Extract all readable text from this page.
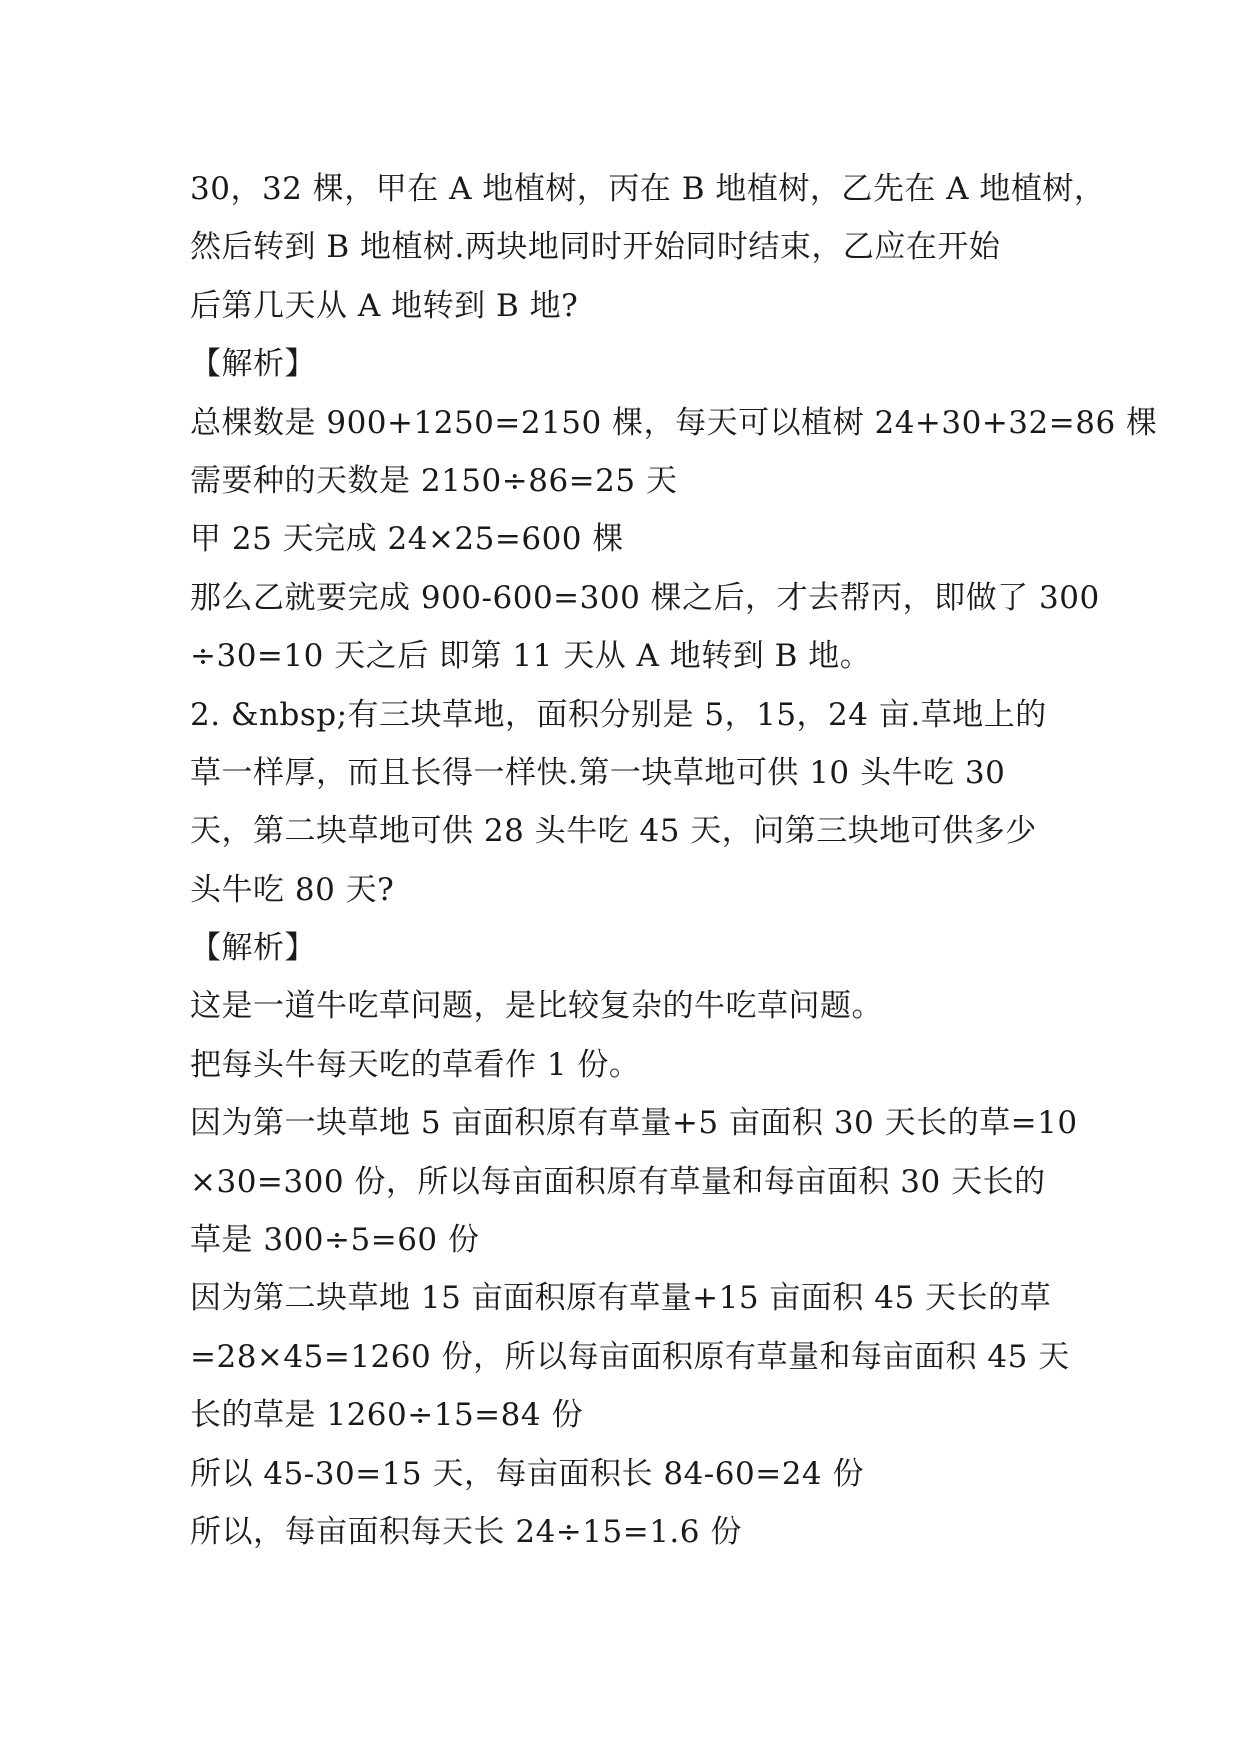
30，32 棵，甲在 A 地植树，丙在 B 地植树，乙先在 A 地植树，
然后转到 B 地植树.两块地同时开始同时结束，乙应在开始
后第几天从 A 地转到 B 地?
【解析】
总棵数是 900+1250=2150 棵，每天可以植树 24+30+32=86 棵
需要种的天数是 2150÷86=25 天
甲 25 天完成 24×25=600 棵
那么乙就要完成 900-600=300 棵之后，才去帮丙，即做了 300
÷30=10 天之后 即第 11 天从 A 地转到 B 地。
2. &nbsp;有三块草地，面积分别是 5，15，24 亩.草地上的
草一样厚，而且长得一样快.第一块草地可供 10 头牛吃 30
天，第二块草地可供 28 头牛吃 45 天，问第三块地可供多少
头牛吃 80 天?
【解析】
这是一道牛吃草问题，是比较复杂的牛吃草问题。
把每头牛每天吃的草看作 1 份。
因为第一块草地 5 亩面积原有草量+5 亩面积 30 天长的草=10
×30=300 份，所以每亩面积原有草量和每亩面积 30 天长的
草是 300÷5=60 份
因为第二块草地 15 亩面积原有草量+15 亩面积 45 天长的草
=28×45=1260 份，所以每亩面积原有草量和每亩面积 45 天
长的草是 1260÷15=84 份
所以 45-30=15 天，每亩面积长 84-60=24 份
所以，每亩面积每天长 24÷15=1.6 份
